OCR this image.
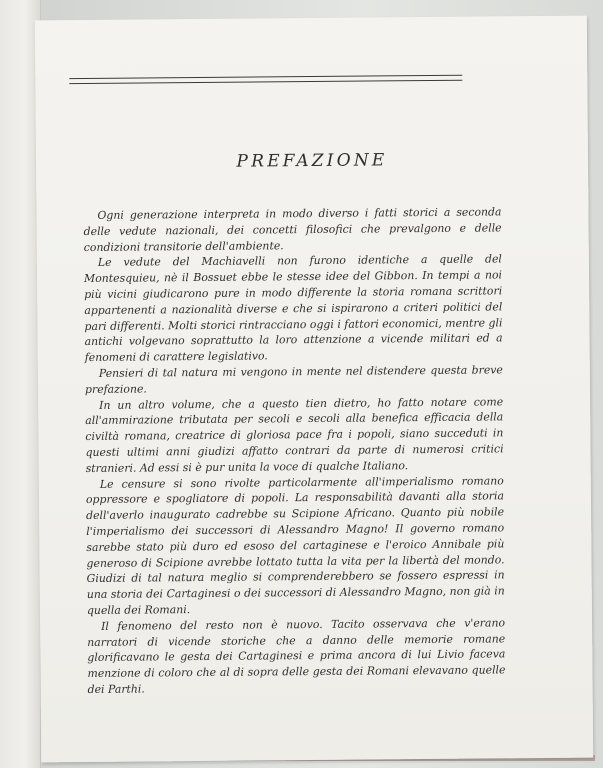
PREFAZIONE

Ogni generazione interpreta in modo diverso i fatti storici a seconda delle vedute nazionali, dei concetti filosofici che prevalgono e delle condizioni transitorie dell'ambiente.

Le vedute del Machiavelli non furono identiche a quelle del Montesquieu, nè il Bossuet ebbe le stesse idee del Gibbon. In tempi a noi più vicini giudicarono pure in modo differente la storia romana scrittori appartenenti a nazionalità diverse e che si ispirarono a criteri politici del pari differenti. Molti storici rintracciano oggi i fattori economici, mentre gli antichi volgevano soprattutto la loro attenzione a vicende militari ed a fenomeni di carattere legislativo.

Pensieri di tal natura mi vengono in mente nel distendere questa breve prefazione.

In un altro volume, che a questo tien dietro, ho fatto notare come all'ammirazione tributata per secoli e secoli alla benefica efficacia della civiltà romana, creatrice di gloriosa pace fra i popoli, siano succeduti in questi ultimi anni giudizi affatto contrari da parte di numerosi critici stranieri. Ad essi si è pur unita la voce di qualche Italiano.

Le censure si sono rivolte particolarmente all'imperialismo romano oppressore e spogliatore di popoli. La responsabilità davanti alla storia dell'averlo inaugurato cadrebbe su Scipione Africano. Quanto più nobile l'imperialismo dei successori di Alessandro Magno! Il governo romano sarebbe stato più duro ed esoso del cartaginese e l'eroico Annibale più generoso di Scipione avrebbe lottato tutta la vita per la libertà del mondo. Giudizi di tal natura meglio si comprenderebbero se fossero espressi in una storia dei Cartaginesi o dei successori di Alessandro Magno, non già in quella dei Romani.

Il fenomeno del resto non è nuovo. Tacito osservava che v'erano narratori di vicende storiche che a danno delle memorie romane glorificavano le gesta dei Cartaginesi e prima ancora di lui Livio faceva menzione di coloro che al di sopra delle gesta dei Romani elevavano quelle dei Parthi.
